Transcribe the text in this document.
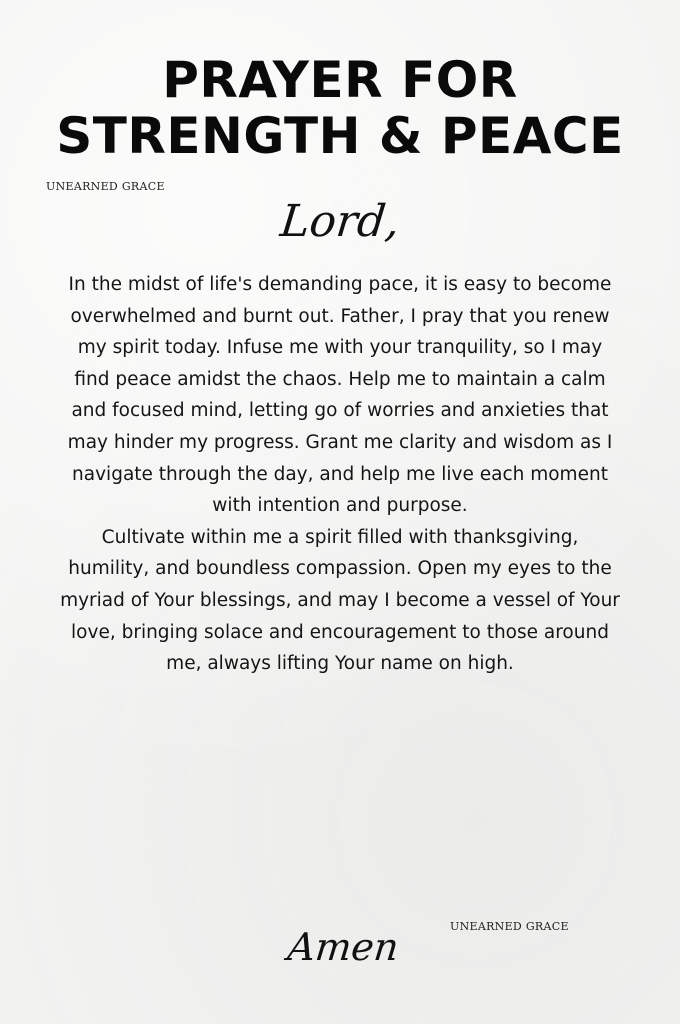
PRAYER FOR
STRENGTH & PEACE
UNEARNED GRACE
Lord,

In the midst of life's demanding pace, it is easy to become overwhelmed and burnt out. Father, I pray that you renew my spirit today. Infuse me with your tranquility, so I may find peace amidst the chaos. Help me to maintain a calm and focused mind, letting go of worries and anxieties that may hinder my progress. Grant me clarity and wisdom as I navigate through the day, and help me live each moment with intention and purpose.

Cultivate within me a spirit filled with thanksgiving, humility, and boundless compassion. Open my eyes to the myriad of Your blessings, and may I become a vessel of Your love, bringing solace and encouragement to those around me, always lifting Your name on high.

Amen	UNEARNED GRACE
